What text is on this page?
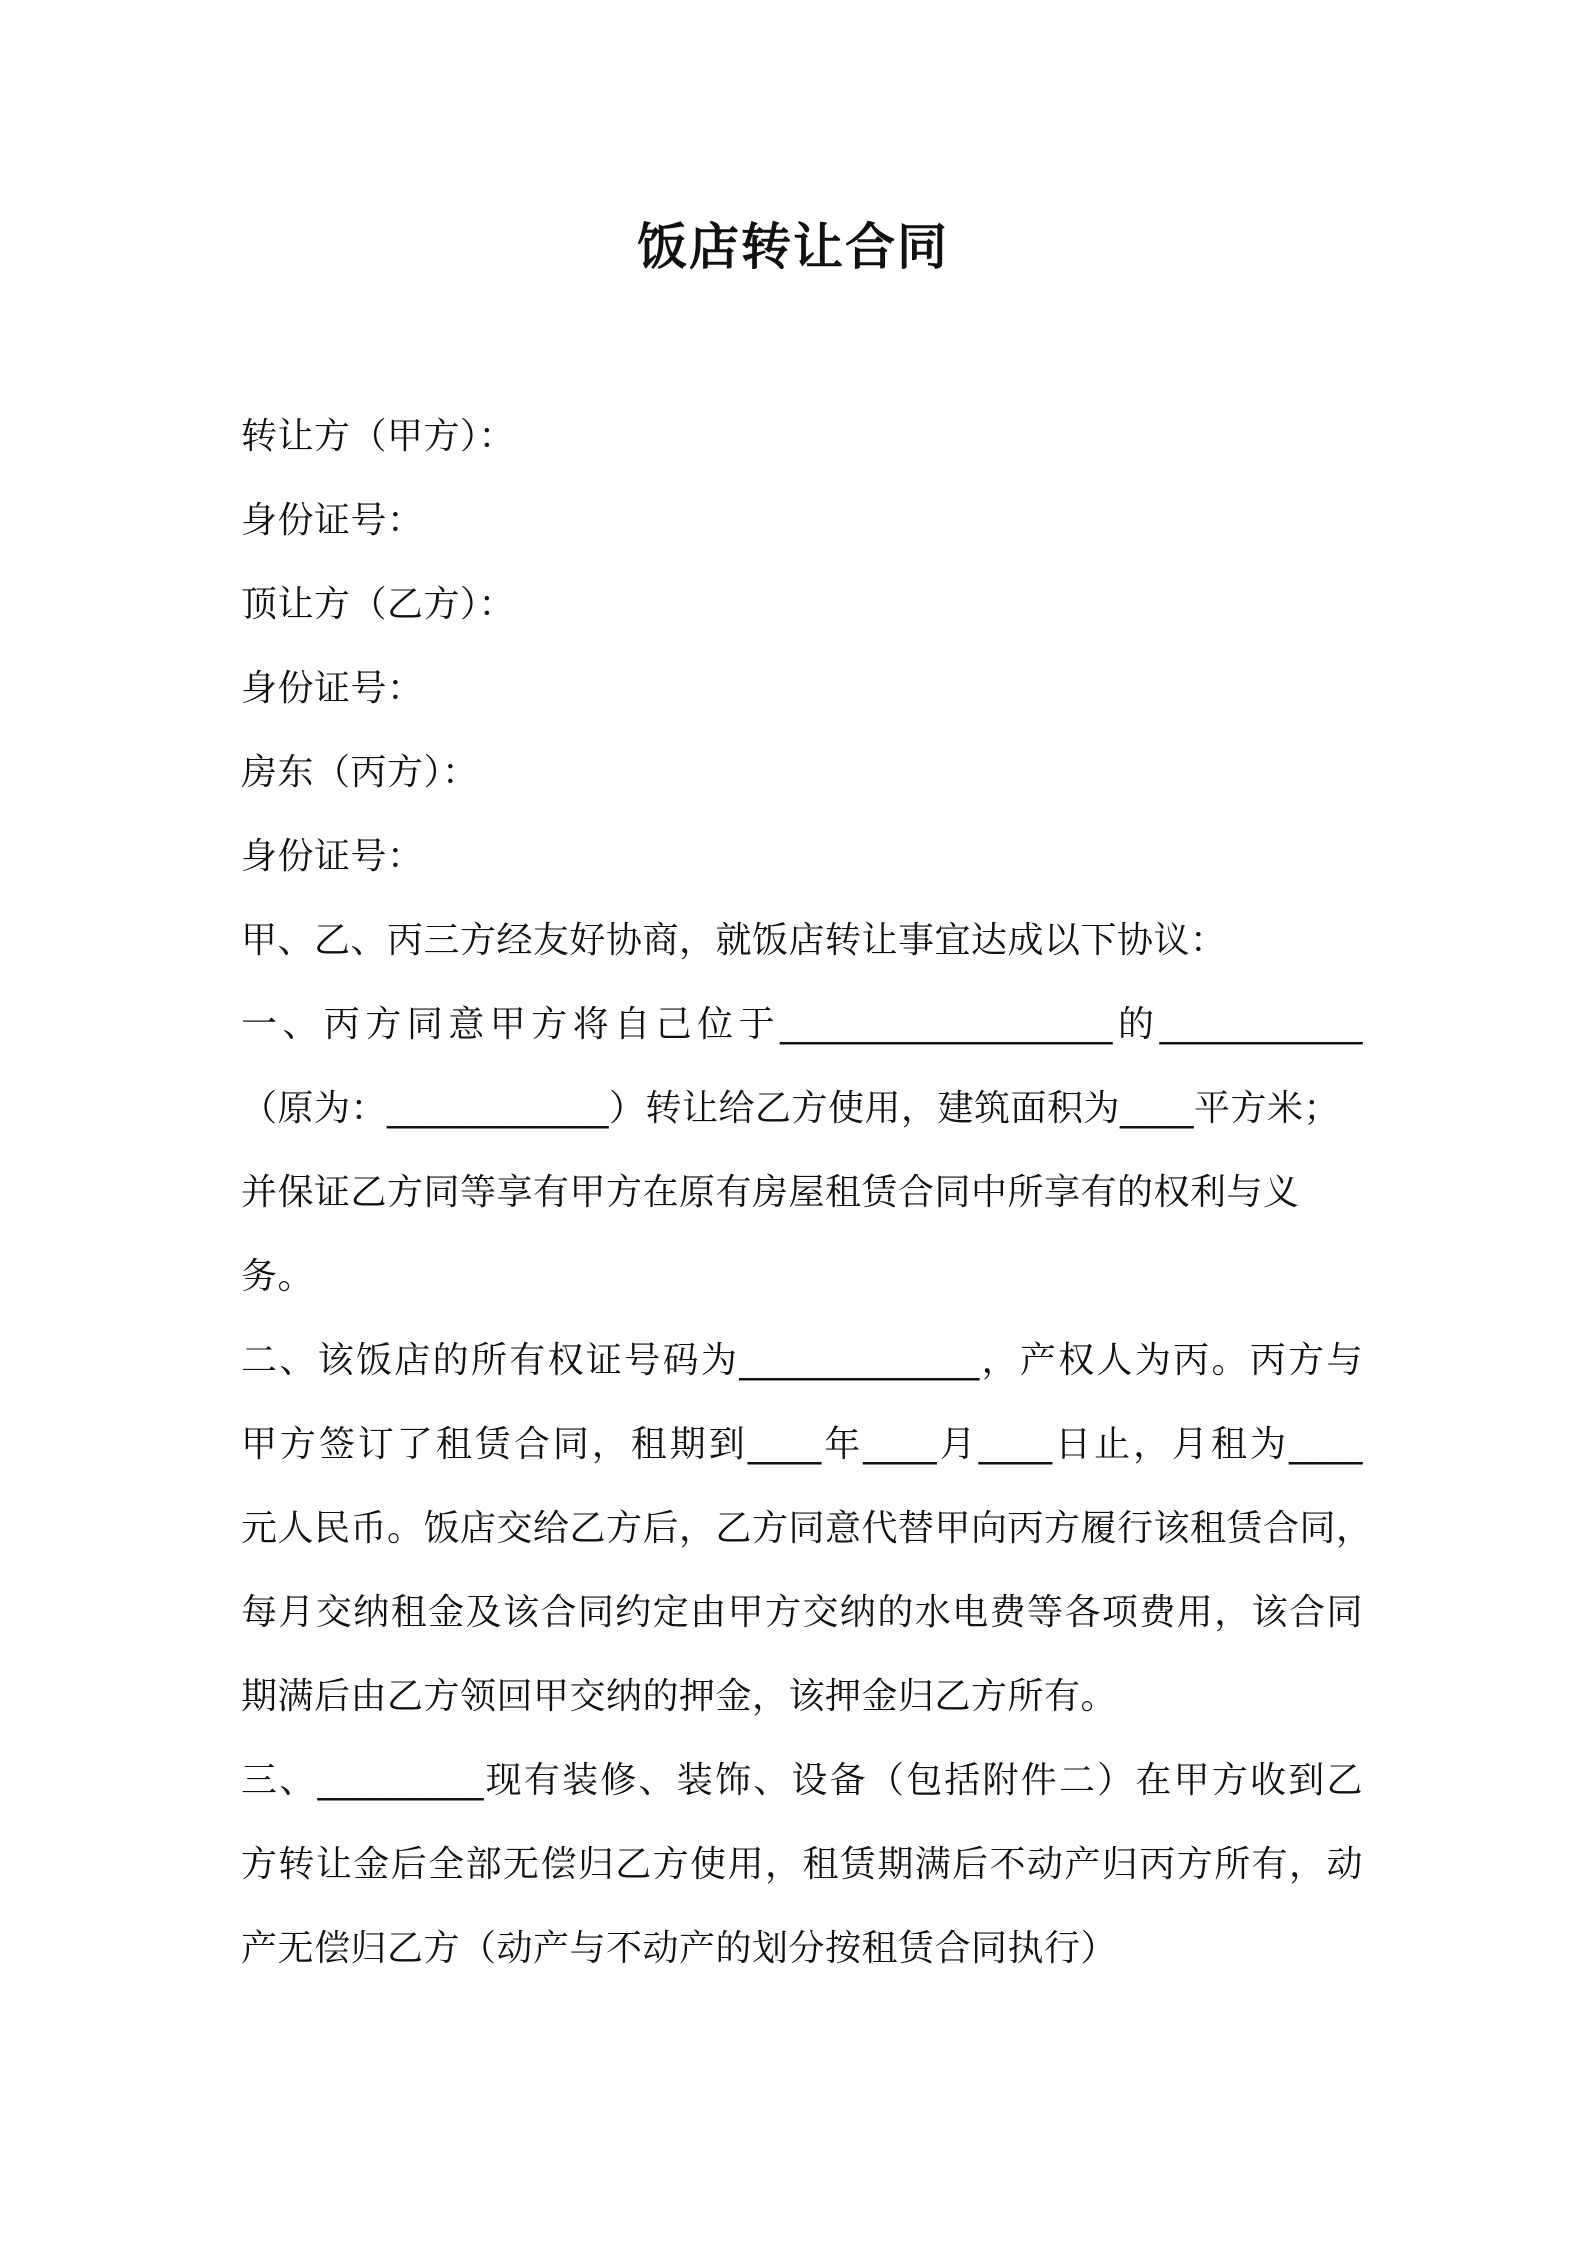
饭店转让合同
转让方（甲方）：
身份证号：
顶让方（乙方）：
身份证号：
房东（丙方）：
身份证号：
甲、乙、丙三方经友好协商，就饭店转让事宜达成以下协议：
一、丙方同意甲方将自己位于__________________的___________
（原为：____________）转让给乙方使用，建筑面积为____平方米；
并保证乙方同等享有甲方在原有房屋租赁合同中所享有的权利与义
务。
二、该饭店的所有权证号码为_____________，产权人为丙。丙方与
甲方签订了租赁合同，租期到____年____月____日止，月租为____
元人民币。饭店交给乙方后，乙方同意代替甲向丙方履行该租赁合同，
每月交纳租金及该合同约定由甲方交纳的水电费等各项费用，该合同
期满后由乙方领回甲交纳的押金，该押金归乙方所有。
三、_________现有装修、装饰、设备（包括附件二）在甲方收到乙
方转让金后全部无偿归乙方使用，租赁期满后不动产归丙方所有，动
产无偿归乙方（动产与不动产的划分按租赁合同执行）
